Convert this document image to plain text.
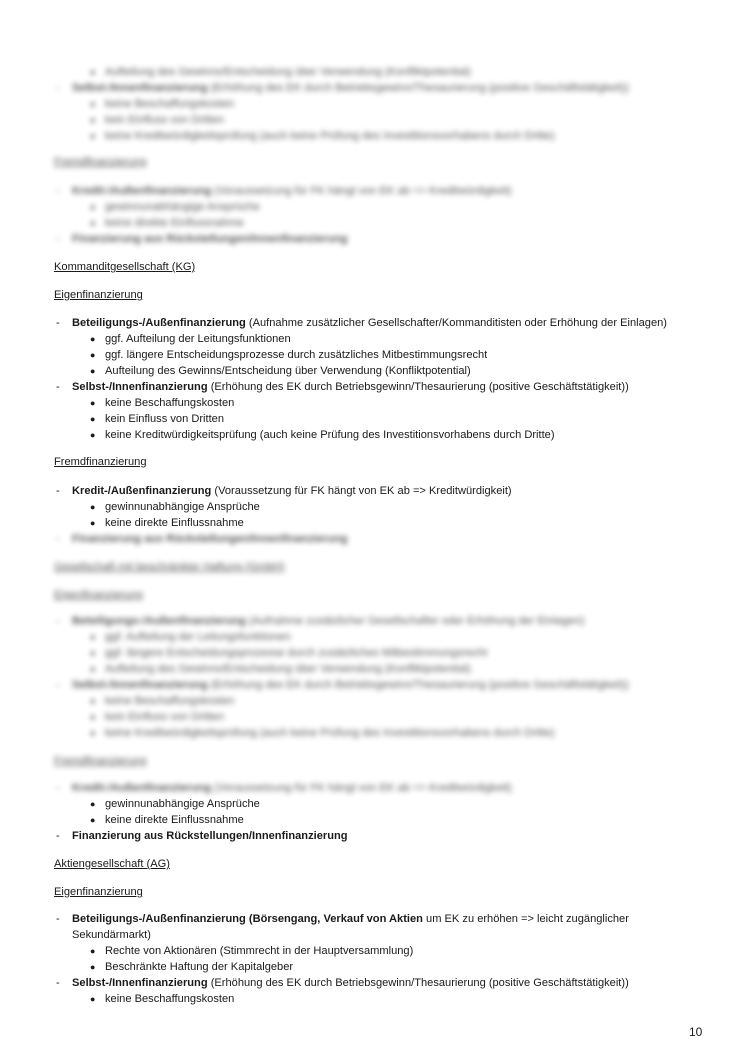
● Aufteilung des Gewinns/Entscheidung über Verwendung (Konfliktpotential)
- Selbst-/Innenfinanzierung (Erhöhung des EK durch Betriebsgewinn/Thesaurierung (positive Geschäftstätigkeit))
● keine Beschaffungskosten
● kein Einfluss von Dritten
● keine Kreditwürdigkeitsprüfung (auch keine Prüfung des Investitionsvorhabens durch Dritte)
Fremdfinanzierung
- Kredit-/Außenfinanzierung (Voraussetzung für FK hängt von EK ab => Kreditwürdigkeit)
● gewinnunabhängige Ansprüche
● keine direkte Einflussnahme
- Finanzierung aus Rückstellungen/Innenfinanzierung
Kommanditgesellschaft (KG)
Eigenfinanzierung
- Beteiligungs-/Außenfinanzierung (Aufnahme zusätzlicher Gesellschafter/Kommanditisten oder Erhöhung der Einlagen)
● ggf. Aufteilung der Leitungsfunktionen
● ggf. längere Entscheidungsprozesse durch zusätzliches Mitbestimmungsrecht
● Aufteilung des Gewinns/Entscheidung über Verwendung (Konfliktpotential)
- Selbst-/Innenfinanzierung (Erhöhung des EK durch Betriebsgewinn/Thesaurierung (positive Geschäftstätigkeit))
● keine Beschaffungskosten
● kein Einfluss von Dritten
● keine Kreditwürdigkeitsprüfung (auch keine Prüfung des Investitionsvorhabens durch Dritte)
Fremdfinanzierung
- Kredit-/Außenfinanzierung (Voraussetzung für FK hängt von EK ab => Kreditwürdigkeit)
● gewinnunabhängige Ansprüche
● keine direkte Einflussnahme
- Finanzierung aus Rückstellungen/Innenfinanzierung
Gesellschaft mit beschränkter Haftung (GmbH)
Eigenfinanzierung
- Beteiligungs-/Außenfinanzierung (Aufnahme zusätzlicher Gesellschafter oder Erhöhung der Einlagen)
● ggf. Aufteilung der Leitungsfunktionen
● ggf. längere Entscheidungsprozesse durch zusätzliches Mitbestimmungsrecht
● Aufteilung des Gewinns/Entscheidung über Verwendung (Konfliktpotential)
- Selbst-/Innenfinanzierung (Erhöhung des EK durch Betriebsgewinn/Thesaurierung (positive Geschäftstätigkeit))
● keine Beschaffungskosten
● kein Einfluss von Dritten
● keine Kreditwürdigkeitsprüfung (auch keine Prüfung des Investitionsvorhabens durch Dritte)
Fremdfinanzierung
- Kredit-/Außenfinanzierung (Voraussetzung für FK hängt von EK ab => Kreditwürdigkeit)
● gewinnunabhängige Ansprüche
● keine direkte Einflussnahme
- Finanzierung aus Rückstellungen/Innenfinanzierung
Aktiengesellschaft (AG)
Eigenfinanzierung
- Beteiligungs-/Außenfinanzierung (Börsengang, Verkauf von Aktien um EK zu erhöhen => leicht zugänglicher
Sekundärmarkt)
● Rechte von Aktionären (Stimmrecht in der Hauptversammlung)
● Beschränkte Haftung der Kapitalgeber
- Selbst-/Innenfinanzierung (Erhöhung des EK durch Betriebsgewinn/Thesaurierung (positive Geschäftstätigkeit))
● keine Beschaffungskosten
10
